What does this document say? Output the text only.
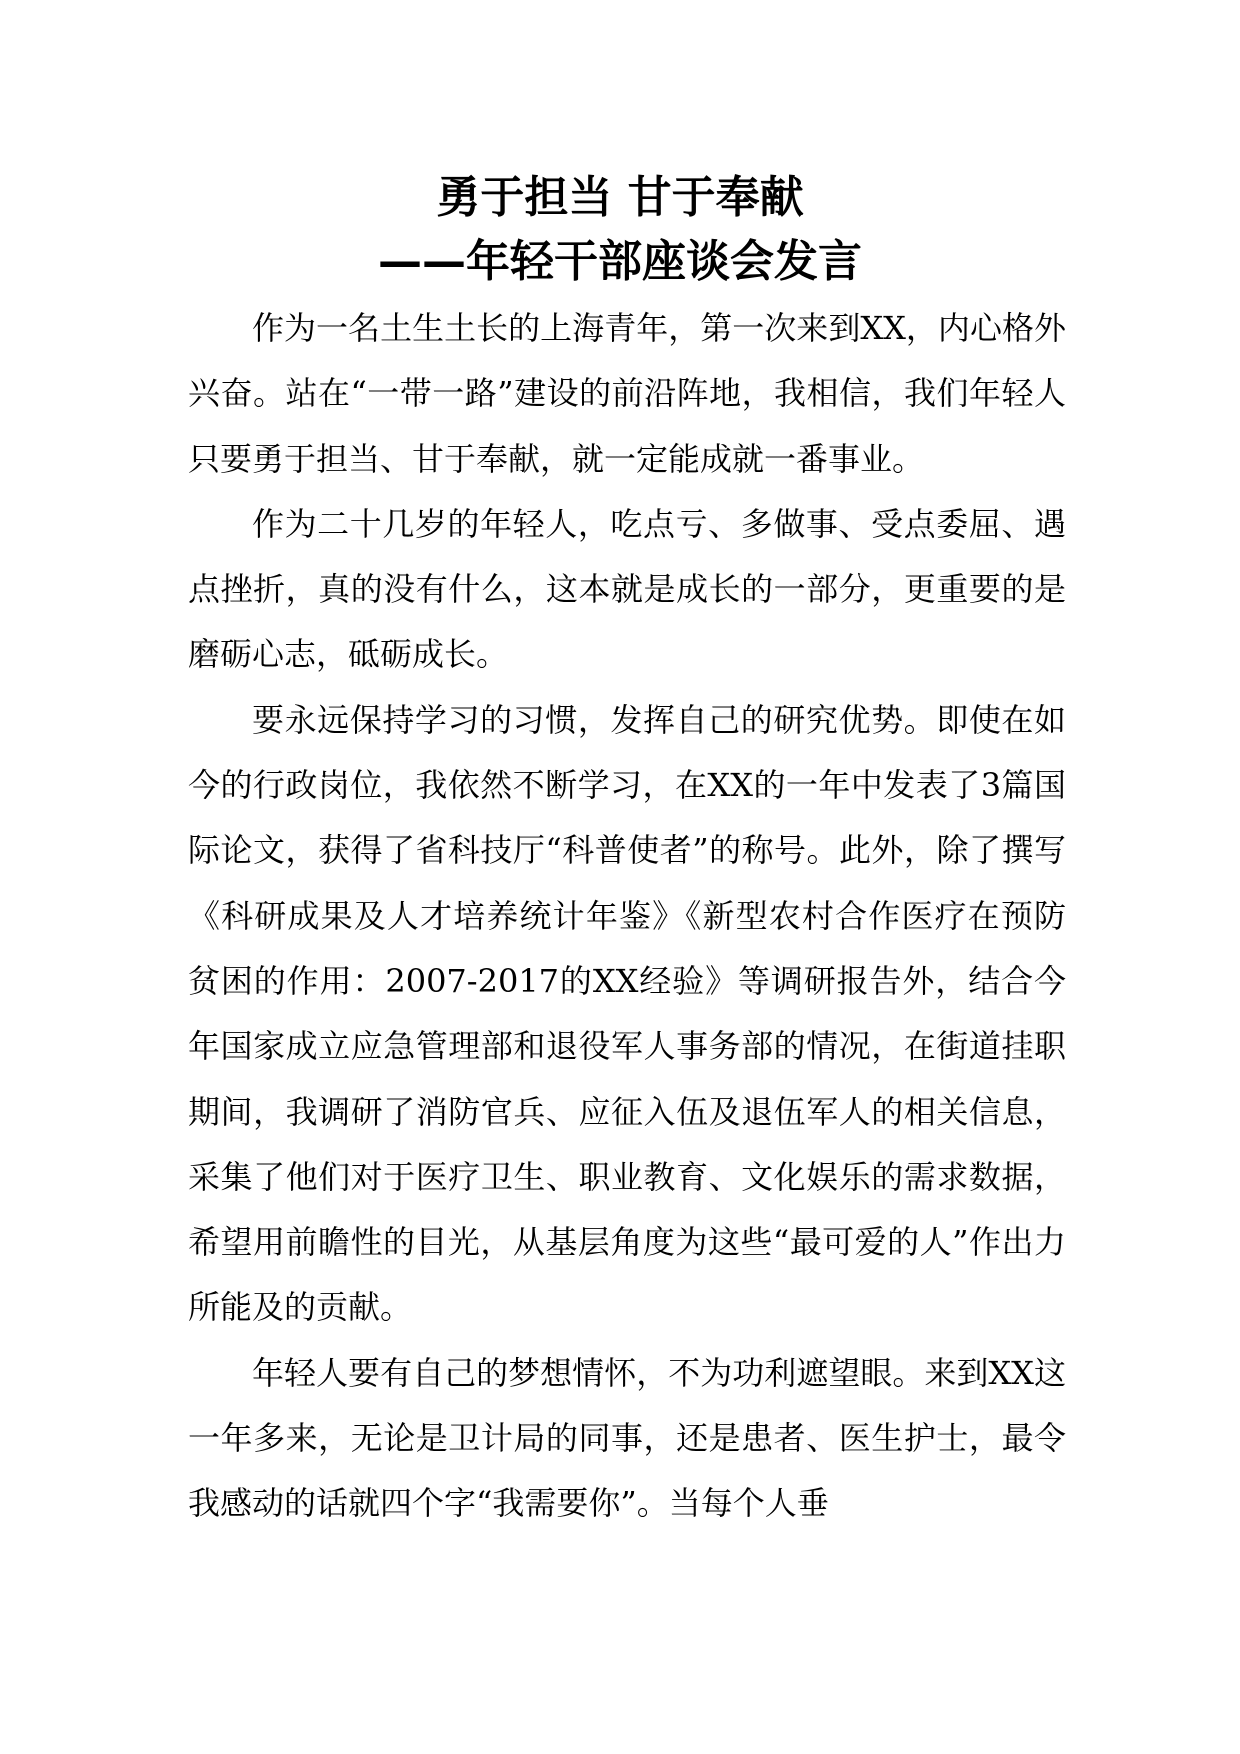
勇于担当 甘于奉献
——年轻干部座谈会发言

作为一名土生土长的上海青年，第一次来到XX，内心格外兴奋。站在“一带一路”建设的前沿阵地，我相信，我们年轻人只要勇于担当、甘于奉献，就一定能成就一番事业。

作为二十几岁的年轻人，吃点亏、多做事、受点委屈、遇点挫折，真的没有什么，这本就是成长的一部分，更重要的是磨砺心志，砥砺成长。

要永远保持学习的习惯，发挥自己的研究优势。即使在如今的行政岗位，我依然不断学习，在XX的一年中发表了3篇国际论文，获得了省科技厅“科普使者”的称号。此外，除了撰写《科研成果及人才培养统计年鉴》《新型农村合作医疗在预防贫困的作用：2007-2017的XX经验》等调研报告外，结合今年国家成立应急管理部和退役军人事务部的情况，在街道挂职期间，我调研了消防官兵、应征入伍及退伍军人的相关信息，采集了他们对于医疗卫生、职业教育、文化娱乐的需求数据，希望用前瞻性的目光，从基层角度为这些“最可爱的人”作出力所能及的贡献。

年轻人要有自己的梦想情怀，不为功利遮望眼。来到XX这一年多来，无论是卫计局的同事，还是患者、医生护士，最令我感动的话就四个字“我需要你”。当每个人垂
